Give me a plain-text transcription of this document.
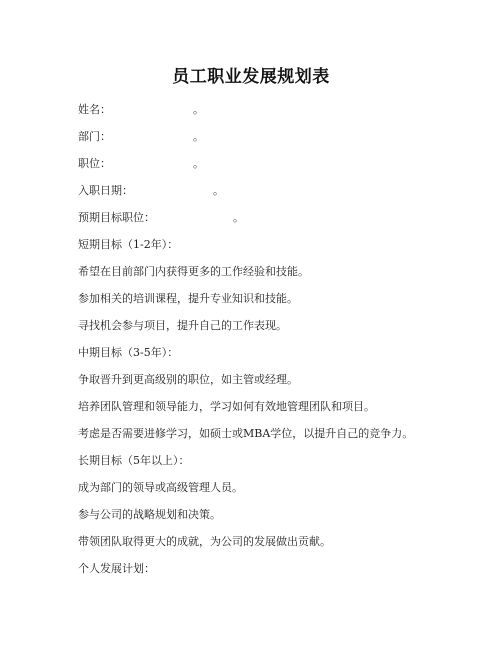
员工职业发展规划表
姓名：	。
部门：	。
职位：	。
入职日期：	。
预期目标职位：	。
短期目标（1-2年）：
希望在目前部门内获得更多的工作经验和技能。
参加相关的培训课程，提升专业知识和技能。
寻找机会参与项目，提升自己的工作表现。
中期目标（3-5年）：
争取晋升到更高级别的职位，如主管或经理。
培养团队管理和领导能力，学习如何有效地管理团队和项目。
考虑是否需要进修学习，如硕士或MBA学位，以提升自己的竞争力。
长期目标（5年以上）：
成为部门的领导或高级管理人员。
参与公司的战略规划和决策。
带领团队取得更大的成就，为公司的发展做出贡献。
个人发展计划：
